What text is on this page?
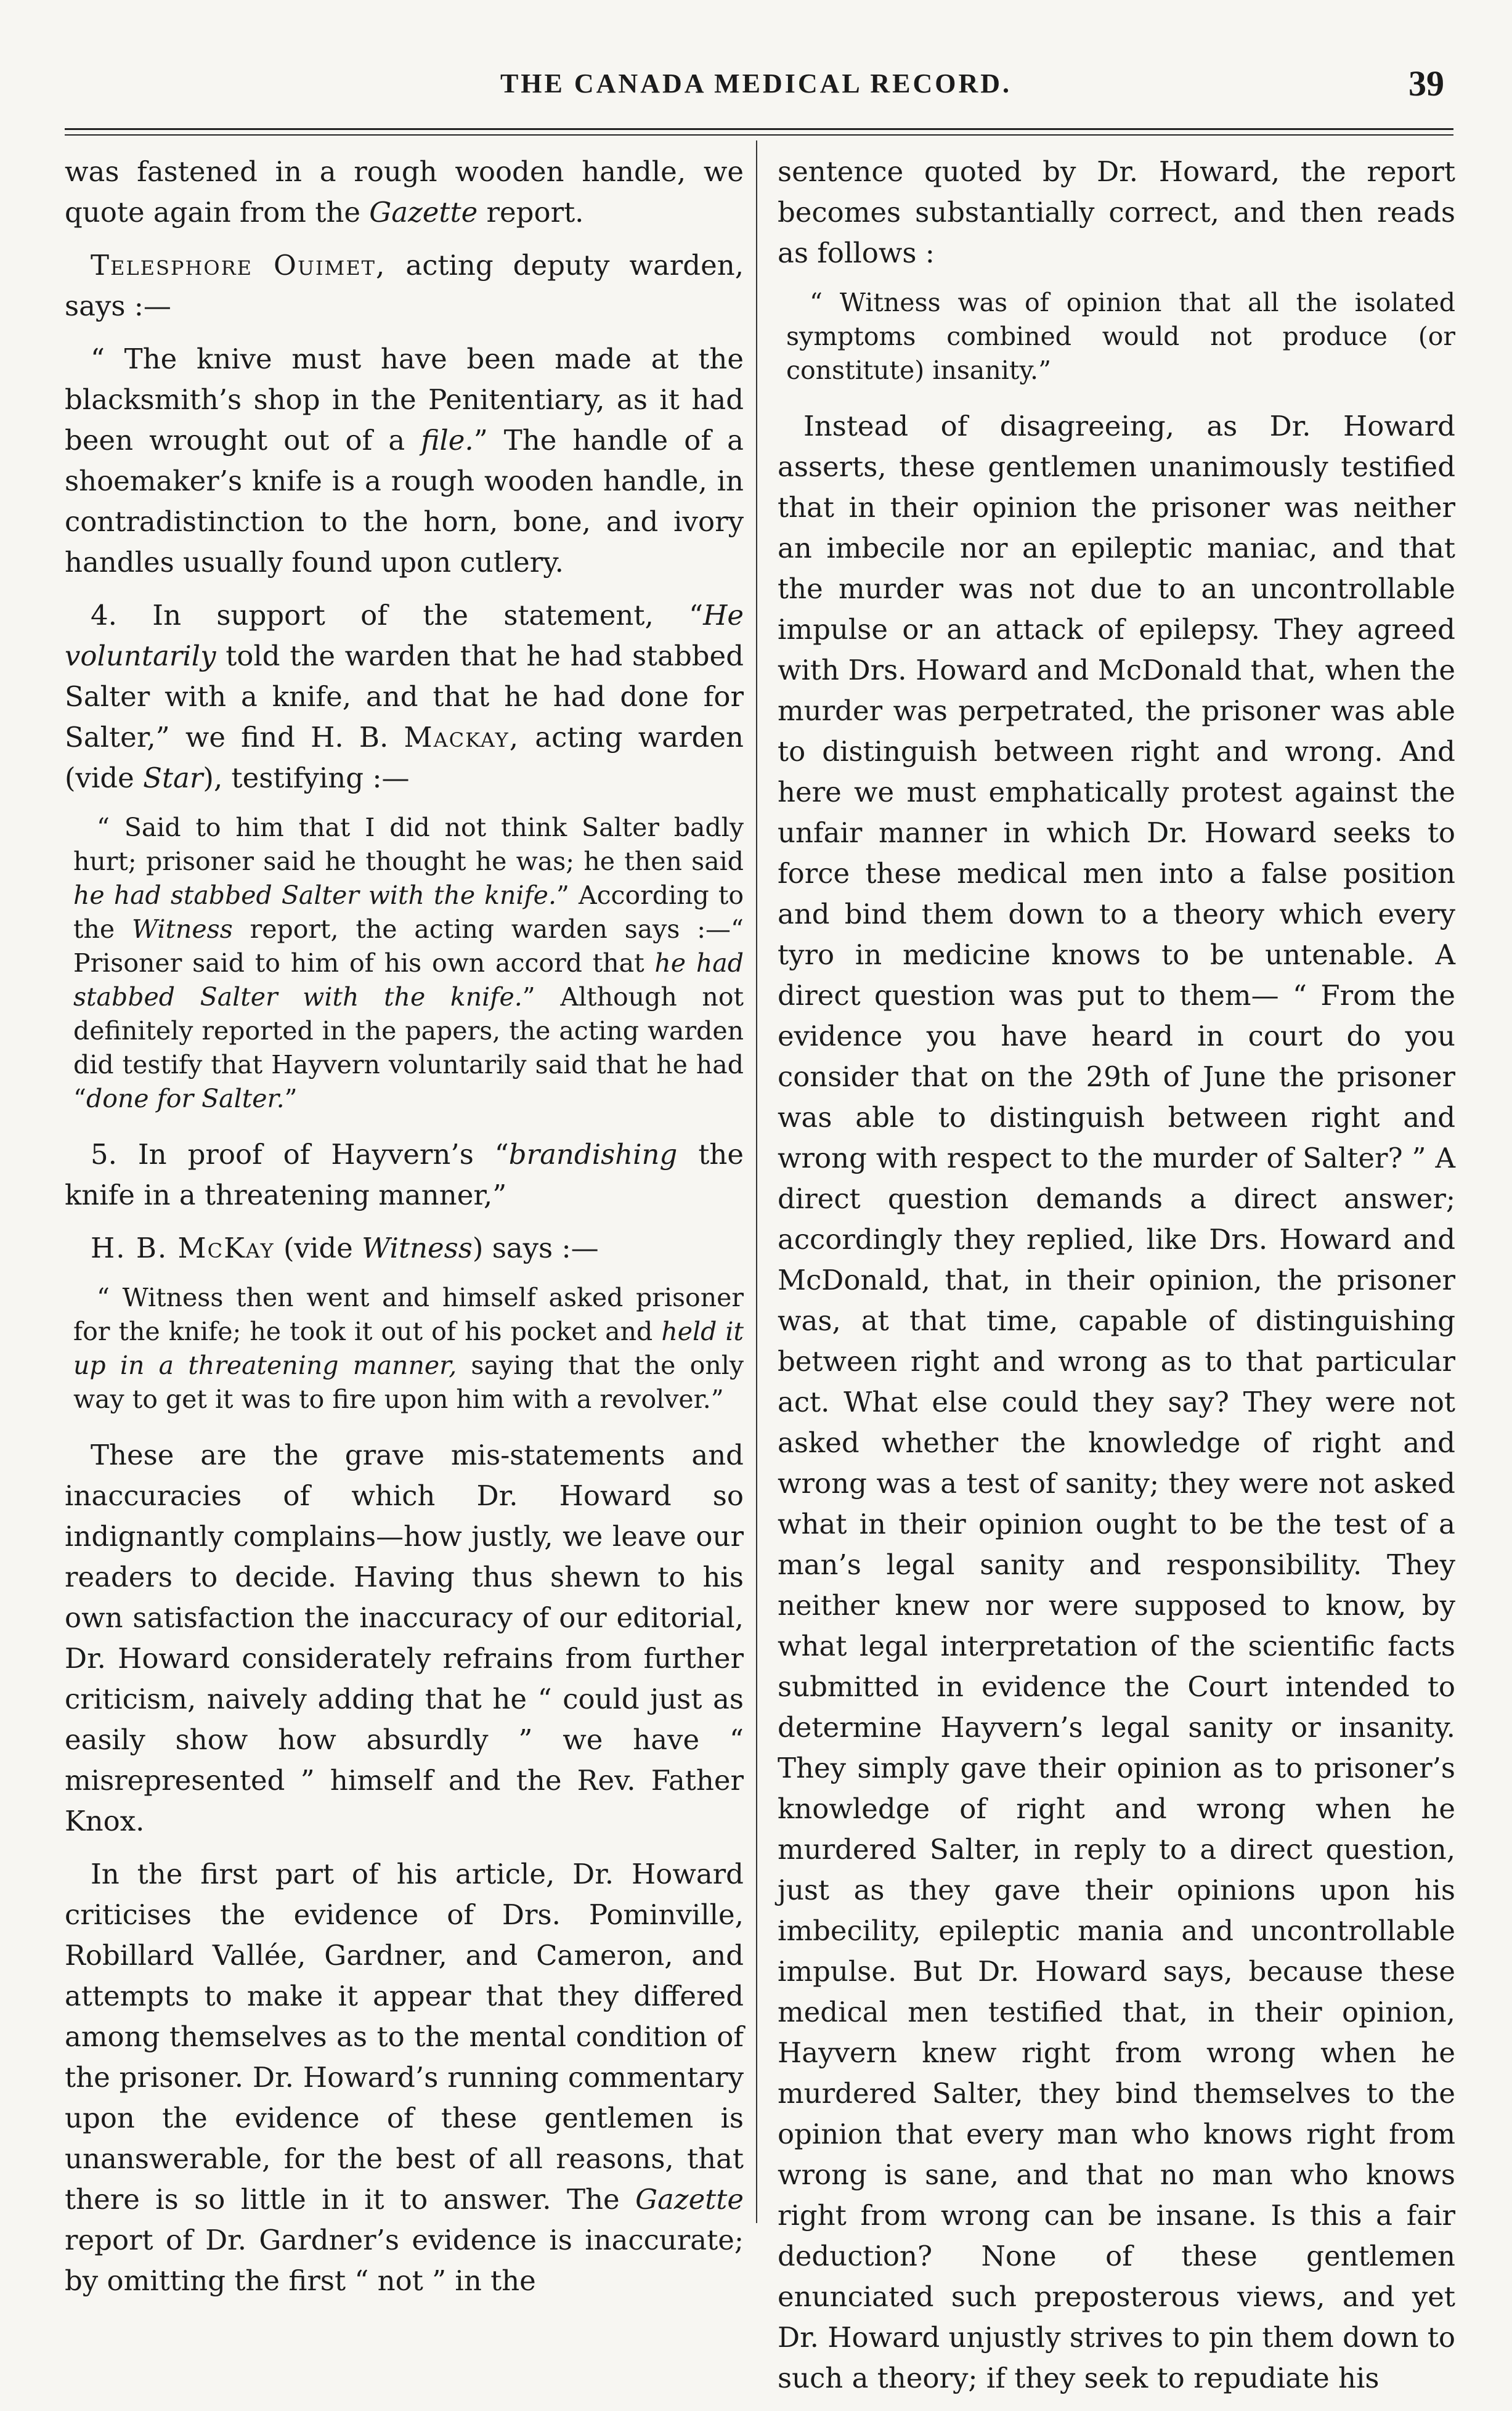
THE CANADA MEDICAL RECORD.	39

was fastened in a rough wooden handle, we quote again from the Gazette report.

Telesphore Ouimet, acting deputy warden, says :—

“ The knive must have been made at the blacksmith’s shop in the Penitentiary, as it had been wrought out of a file.” The handle of a shoemaker’s knife is a rough wooden handle, in contradistinction to the horn, bone, and ivory handles usually found upon cutlery.

4. In support of the statement, “He voluntarily told the warden that he had stabbed Salter with a knife, and that he had done for Salter,” we find H. B. Mackay, acting warden (vide Star), testifying :—

“ Said to him that I did not think Salter badly hurt; prisoner said he thought he was; he then said he had stabbed Salter with the knife.” According to the Witness report, the acting warden says :—“ Prisoner said to him of his own accord that he had stabbed Salter with the knife.” Although not definitely reported in the papers, the acting warden did testify that Hayvern voluntarily said that he had “done for Salter.”

5. In proof of Hayvern’s “brandishing the knife in a threatening manner,”

H. B. McKay (vide Witness) says :—

“ Witness then went and himself asked prisoner for the knife; he took it out of his pocket and held it up in a threatening manner, saying that the only way to get it was to fire upon him with a revolver.”

These are the grave mis-statements and inaccuracies of which Dr. Howard so indignantly complains—how justly, we leave our readers to decide. Having thus shewn to his own satisfaction the inaccuracy of our editorial, Dr. Howard considerately refrains from further criticism, naively adding that he “ could just as easily show how absurdly ” we have “ misrepresented ” himself and the Rev. Father Knox.

In the first part of his article, Dr. Howard criticises the evidence of Drs. Pominville, Robillard Vallée, Gardner, and Cameron, and attempts to make it appear that they differed among themselves as to the mental condition of the prisoner. Dr. Howard’s running commentary upon the evidence of these gentlemen is unanswerable, for the best of all reasons, that there is so little in it to answer. The Gazette report of Dr. Gardner’s evidence is inaccurate; by omitting the first “ not ” in the

sentence quoted by Dr. Howard, the report becomes substantially correct, and then reads as follows :

“ Witness was of opinion that all the isolated symptoms combined would not produce (or constitute) insanity.”

Instead of disagreeing, as Dr. Howard asserts, these gentlemen unanimously testified that in their opinion the prisoner was neither an imbecile nor an epileptic maniac, and that the murder was not due to an uncontrollable impulse or an attack of epilepsy. They agreed with Drs. Howard and McDonald that, when the murder was perpetrated, the prisoner was able to distinguish between right and wrong. And here we must emphatically protest against the unfair manner in which Dr. Howard seeks to force these medical men into a false position and bind them down to a theory which every tyro in medicine knows to be untenable. A direct question was put to them— “ From the evidence you have heard in court do you consider that on the 29th of June the prisoner was able to distinguish between right and wrong with respect to the murder of Salter? ” A direct question demands a direct answer; accordingly they replied, like Drs. Howard and McDonald, that, in their opinion, the prisoner was, at that time, capable of distinguishing between right and wrong as to that particular act. What else could they say? They were not asked whether the knowledge of right and wrong was a test of sanity; they were not asked what in their opinion ought to be the test of a man’s legal sanity and responsibility. They neither knew nor were supposed to know, by what legal interpretation of the scientific facts submitted in evidence the Court intended to determine Hayvern’s legal sanity or insanity. They simply gave their opinion as to prisoner’s knowledge of right and wrong when he murdered Salter, in reply to a direct question, just as they gave their opinions upon his imbecility, epileptic mania and uncontrollable impulse. But Dr. Howard says, because these medical men testified that, in their opinion, Hayvern knew right from wrong when he murdered Salter, they bind themselves to the opinion that every man who knows right from wrong is sane, and that no man who knows right from wrong can be insane. Is this a fair deduction? None of these gentlemen enunciated such preposterous views, and yet Dr. Howard unjustly strives to pin them down to such a theory; if they seek to repudiate his
